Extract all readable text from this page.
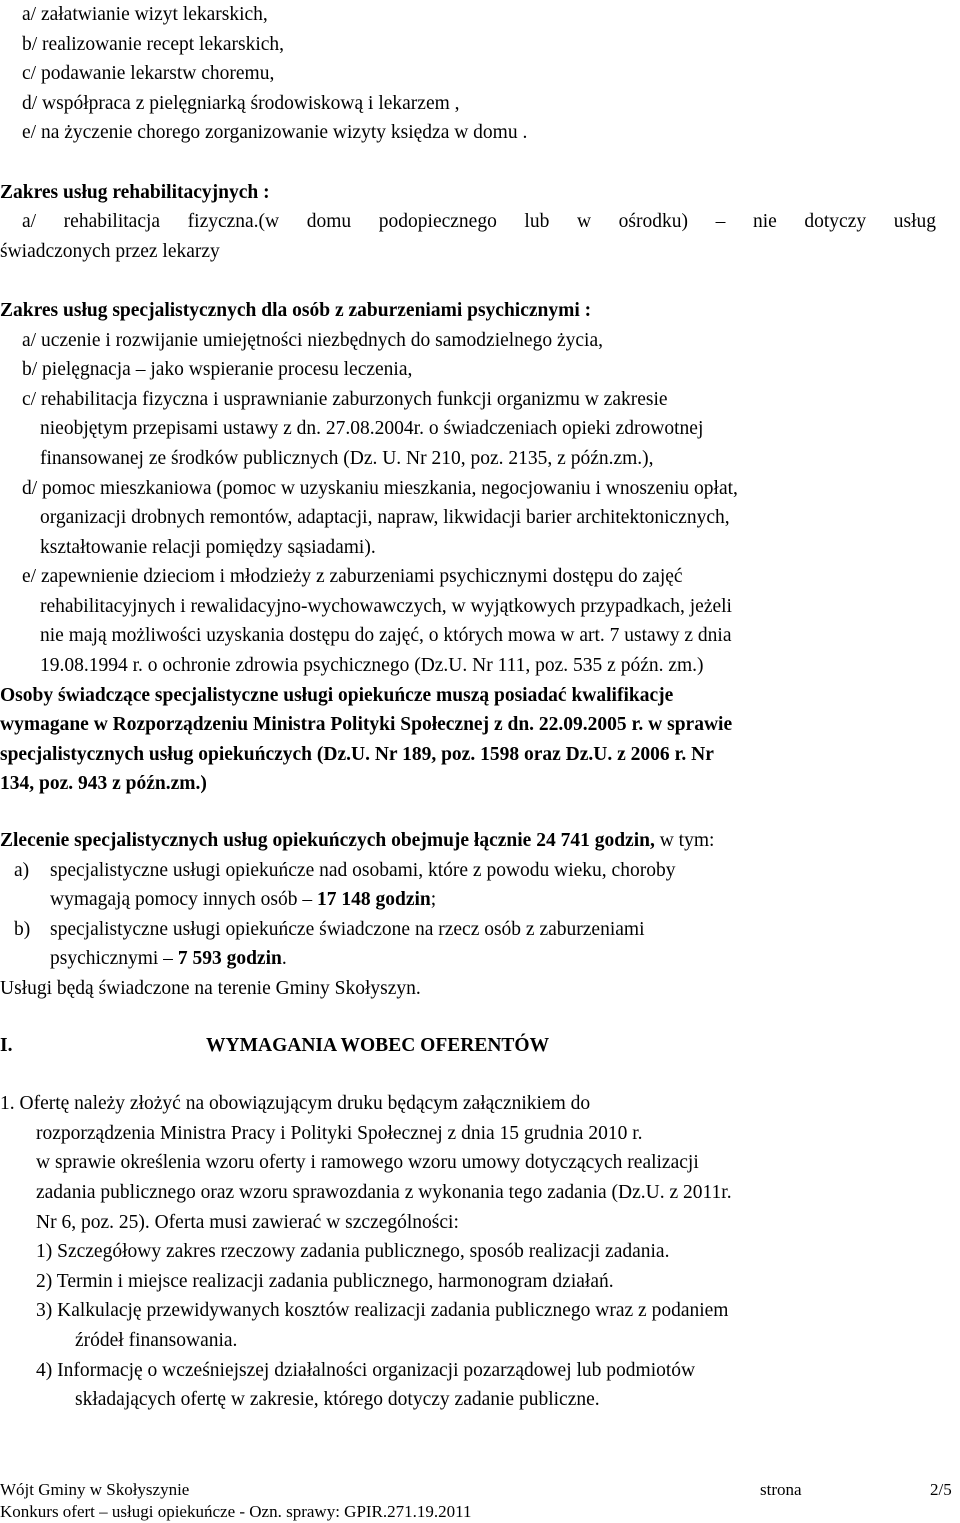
a/ załatwianie wizyt lekarskich,
b/ realizowanie recept lekarskich,
c/ podawanie lekarstw choremu,
d/ współpraca z pielęgniarką środowiskową i lekarzem ,
e/ na życzenie chorego zorganizowanie wizyty księdza w domu .
Zakres usług rehabilitacyjnych :
a/ rehabilitacja fizyczna.(w domu podopiecznego lub w ośrodku) – nie dotyczy usług
świadczonych przez lekarzy
Zakres usług specjalistycznych dla osób z zaburzeniami psychicznymi :
a/ uczenie i rozwijanie umiejętności niezbędnych do samodzielnego życia,
b/ pielęgnacja – jako wspieranie procesu leczenia,
c/ rehabilitacja fizyczna i usprawnianie zaburzonych funkcji organizmu w zakresie
nieobjętym przepisami ustawy z dn. 27.08.2004r. o świadczeniach opieki zdrowotnej
finansowanej ze środków publicznych (Dz. U. Nr 210, poz. 2135, z późn.zm.),
d/ pomoc mieszkaniowa (pomoc w uzyskaniu mieszkania, negocjowaniu i wnoszeniu opłat,
organizacji drobnych remontów, adaptacji, napraw, likwidacji barier architektonicznych,
kształtowanie relacji pomiędzy sąsiadami).
e/ zapewnienie dzieciom i młodzieży z zaburzeniami psychicznymi dostępu do zajęć
rehabilitacyjnych i rewalidacyjno-wychowawczych, w wyjątkowych przypadkach, jeżeli
nie mają możliwości uzyskania dostępu do zajęć, o których mowa w art. 7 ustawy z dnia
19.08.1994 r. o ochronie zdrowia psychicznego (Dz.U. Nr 111, poz. 535 z późn. zm.)
Osoby świadczące specjalistyczne usługi opiekuńcze muszą posiadać kwalifikacje
wymagane w Rozporządzeniu Ministra Polityki Społecznej z dn. 22.09.2005 r. w sprawie
specjalistycznych usług opiekuńczych (Dz.U. Nr 189, poz. 1598 oraz Dz.U. z 2006 r. Nr
134, poz. 943 z późn.zm.)
Zlecenie specjalistycznych usług opiekuńczych obejmuje łącznie 24 741 godzin, w tym:
a) specjalistyczne usługi opiekuńcze nad osobami, które z powodu wieku, choroby
wymagają pomocy innych osób – 17 148 godzin;
b) specjalistyczne usługi opiekuńcze świadczone na rzecz osób z zaburzeniami
psychicznymi – 7 593 godzin.
Usługi będą świadczone na terenie Gminy Skołyszyn.
I.	WYMAGANIA WOBEC OFERENTÓW
1. Ofertę należy złożyć na obowiązującym druku będącym załącznikiem do
rozporządzenia Ministra Pracy i Polityki Społecznej z dnia 15 grudnia 2010 r.
w sprawie określenia wzoru oferty i ramowego wzoru umowy dotyczących realizacji
zadania publicznego oraz wzoru sprawozdania z wykonania tego zadania (Dz.U. z 2011r.
Nr 6, poz. 25). Oferta musi zawierać w szczególności:
1) Szczegółowy zakres rzeczowy zadania publicznego, sposób realizacji zadania.
2) Termin i miejsce realizacji zadania publicznego, harmonogram działań.
3) Kalkulację przewidywanych kosztów realizacji zadania publicznego wraz z podaniem
źródeł finansowania.
4) Informację o wcześniejszej działalności organizacji pozarządowej lub podmiotów
składających ofertę w zakresie, którego dotyczy zadanie publiczne.
Wójt Gminy w Skołyszynie
Konkurs ofert – usługi opiekuńcze - Ozn. sprawy: GPIR.271.19.2011
strona	2/5
